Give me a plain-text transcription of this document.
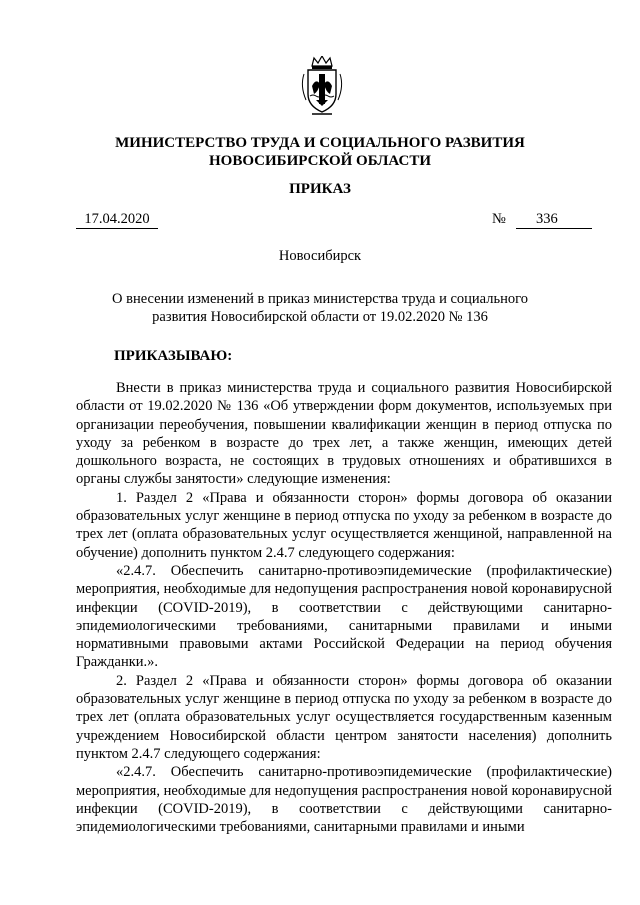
МИНИСТЕРСТВО ТРУДА И СОЦИАЛЬНОГО РАЗВИТИЯ
НОВОСИБИРСКОЙ ОБЛАСТИ
ПРИКАЗ
17.04.2020	№	336
Новосибирск
О внесении изменений в приказ министерства труда и социального
развития Новосибирской области от 19.02.2020 № 136
ПРИКАЗЫВАЮ:

Внести в приказ министерства труда и социального развития Новосибирской области от 19.02.2020 № 136 «Об утверждении форм документов, используемых при организации переобучения, повышении квалификации женщин в период отпуска по уходу за ребенком в возрасте до трех лет, а также женщин, имеющих детей дошкольного возраста, не состоящих в трудовых отношениях и обратившихся в органы службы занятости» следующие изменения:

1. Раздел 2 «Права и обязанности сторон» формы договора об оказании образовательных услуг женщине в период отпуска по уходу за ребенком в возрасте до трех лет (оплата образовательных услуг осуществляется женщиной, направленной на обучение) дополнить пунктом 2.4.7 следующего содержания:

«2.4.7. Обеспечить санитарно-противоэпидемические (профилактические) мероприятия, необходимые для недопущения распространения новой коронавирусной инфекции (COVID-2019), в соответствии с действующими санитарно-эпидемиологическими требованиями, санитарными правилами и иными нормативными правовыми актами Российской Федерации на период обучения Гражданки.».

2. Раздел 2 «Права и обязанности сторон» формы договора об оказании образовательных услуг женщине в период отпуска по уходу за ребенком в возрасте до трех лет (оплата образовательных услуг осуществляется государственным казенным учреждением Новосибирской области центром занятости населения) дополнить пунктом 2.4.7 следующего содержания:

«2.4.7. Обеспечить санитарно-противоэпидемические (профилактические) мероприятия, необходимые для недопущения распространения новой коронавирусной инфекции (COVID-2019), в соответствии с действующими санитарно-эпидемиологическими требованиями, санитарными правилами и иными
